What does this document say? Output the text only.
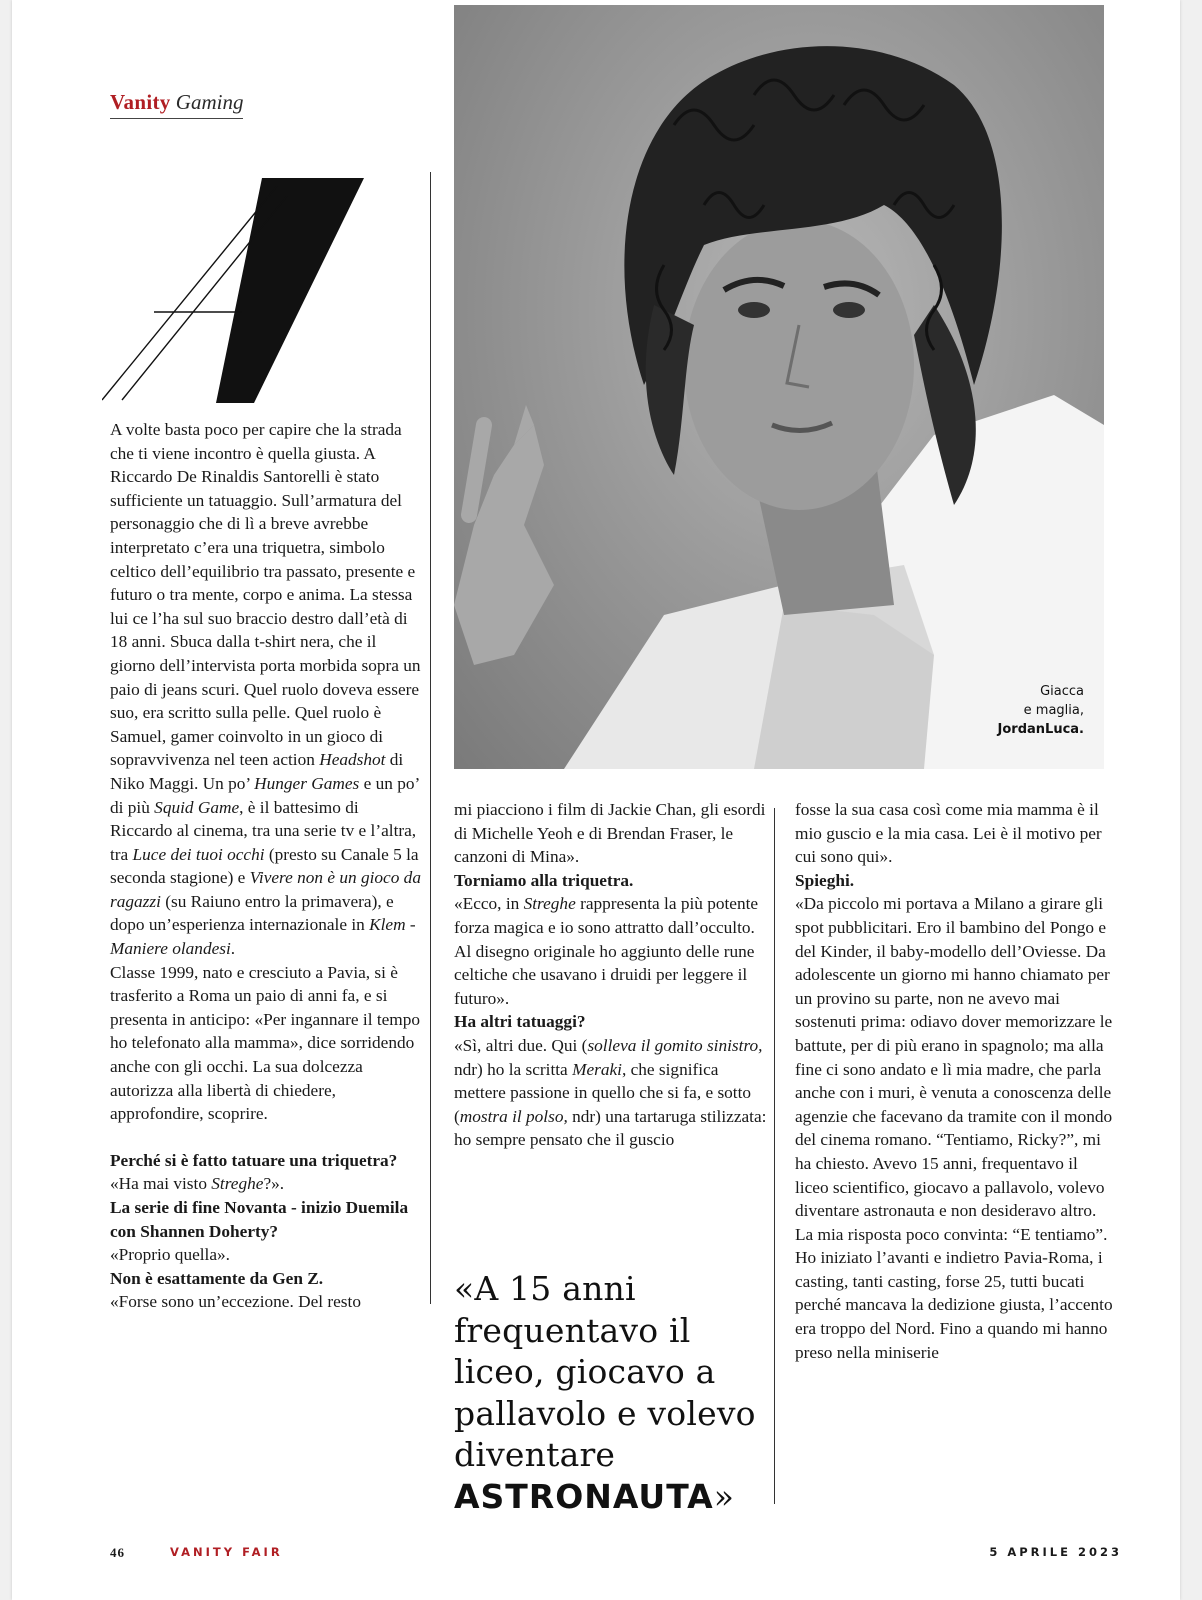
Vanity Gaming
Giacca
e maglia,
JordanLuca.

A volte basta poco per capire che la strada che ti viene incontro è quella giusta. A Riccardo De Rinaldis Santorelli è stato sufficiente un tatuaggio. Sull’armatura del personaggio che di lì a breve avrebbe interpretato c’era una triquetra, simbolo celtico dell’equilibrio tra passato, presente e futuro o tra mente, corpo e anima. La stessa lui ce l’ha sul suo braccio destro dall’età di 18 anni. Sbuca dalla t-shirt nera, che il giorno dell’intervista porta morbida sopra un paio di jeans scuri. Quel ruolo doveva essere suo, era scritto sulla pelle. Quel ruolo è Samuel, gamer coinvolto in un gioco di sopravvivenza nel teen action Headshot di Niko Maggi. Un po’ Hunger Games e un po’ di più Squid Game, è il battesimo di Riccardo al cinema, tra una serie tv e l’altra, tra Luce dei tuoi occhi (presto su Canale 5 la seconda stagione) e Vivere non è un gioco da ragazzi (su Raiuno entro la primavera), e dopo un’esperienza internazionale in Klem - Maniere olandesi.

Classe 1999, nato e cresciuto a Pavia, si è trasferito a Roma un paio di anni fa, e si presenta in anticipo: «Per ingannare il tempo ho telefonato alla mamma», dice sorridendo anche con gli occhi. La sua dolcezza autorizza alla libertà di chiedere, approfondire, scoprire.

Perché si è fatto tatuare una triquetra?

«Ha mai visto Streghe?».

La serie di fine Novanta - inizio Duemila con Shannen Doherty?

«Proprio quella».

Non è esattamente da Gen Z.

«Forse sono un’eccezione. Del resto

mi piacciono i film di Jackie Chan, gli esordi di Michelle Yeoh e di Brendan Fraser, le canzoni di Mina».

Torniamo alla triquetra.

«Ecco, in Streghe rappresenta la più potente forza magica e io sono attratto dall’occulto. Al disegno originale ho aggiunto delle rune celtiche che usavano i druidi per leggere il futuro».

Ha altri tatuaggi?

«Sì, altri due. Qui (solleva il gomito sinistro, ndr) ho la scritta Meraki, che significa mettere passione in quello che si fa, e sotto (mostra il polso, ndr) una tartaruga stilizzata: ho sempre pensato che il guscio

«A 15 anni frequentavo il liceo, giocavo a pallavolo e volevo diventare ASTRONAUTA»

fosse la sua casa così come mia mamma è il mio guscio e la mia casa. Lei è il motivo per cui sono qui».

Spieghi.

«Da piccolo mi portava a Milano a girare gli spot pubblicitari. Ero il bambino del Pongo e del Kinder, il baby-modello dell’Oviesse. Da adolescente un giorno mi hanno chiamato per un provino su parte, non ne avevo mai sostenuti prima: odiavo dover memorizzare le battute, per di più erano in spagnolo; ma alla fine ci sono andato e lì mia madre, che parla anche con i muri, è venuta a conoscenza delle agenzie che facevano da tramite con il mondo del cinema romano. “Tentiamo, Ricky?”, mi ha chiesto. Avevo 15 anni, frequentavo il liceo scientifico, giocavo a pallavolo, volevo diventare astronauta e non desideravo altro. La mia risposta poco convinta: “E tentiamo”. Ho iniziato l’avanti e indietro Pavia-Roma, i casting, tanti casting, forse 25, tutti bucati perché mancava la dedizione giusta, l’accento era troppo del Nord. Fino a quando mi hanno preso nella miniserie

46	VANITY FAIR	5 APRILE 2023
